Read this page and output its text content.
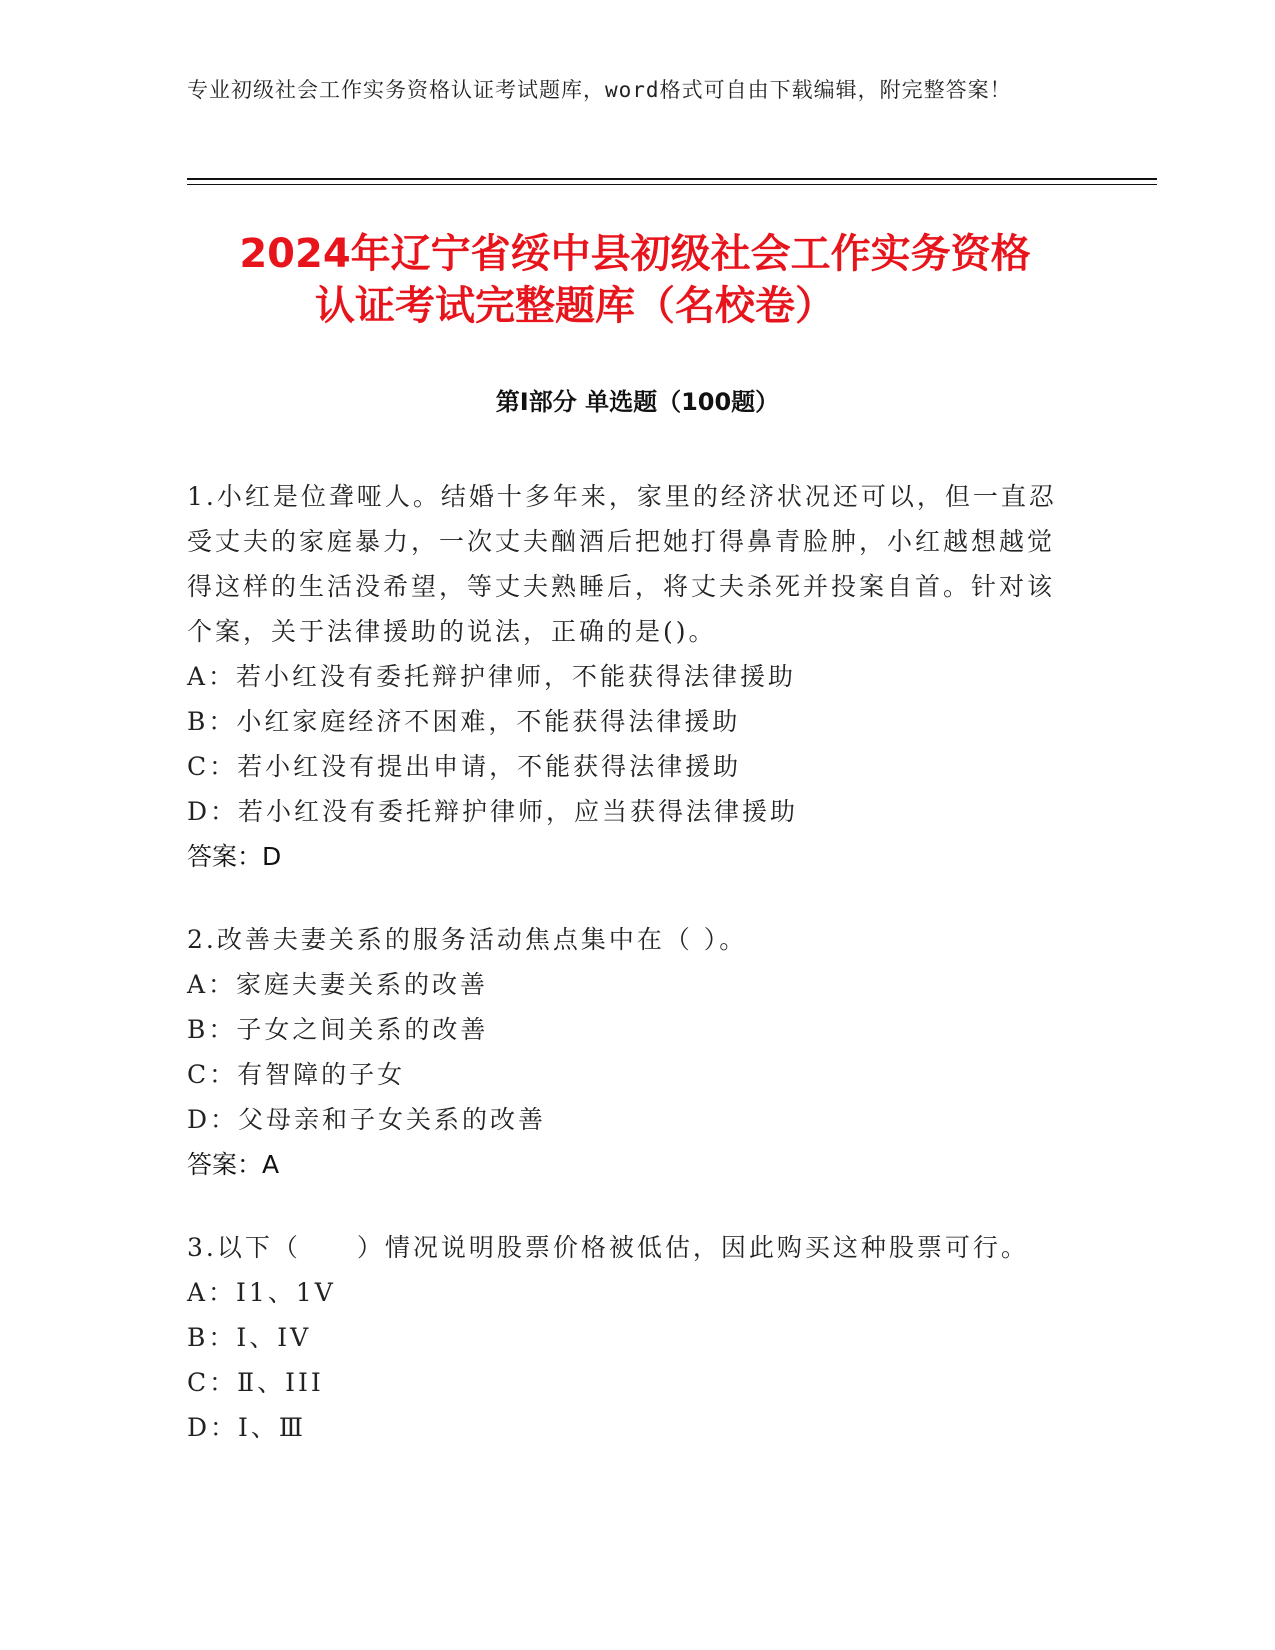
专业初级社会工作实务资格认证考试题库，word格式可自由下载编辑，附完整答案！
2024年辽宁省绥中县初级社会工作实务资格
认证考试完整题库（名校卷）
第I部分 单选题（100题）

1.小红是位聋哑人。结婚十多年来，家里的经济状况还可以，但一直忍受丈夫的家庭暴力，一次丈夫酗酒后把她打得鼻青脸肿，小红越想越觉得这样的生活没希望，等丈夫熟睡后，将丈夫杀死并投案自首。针对该个案，关于法律援助的说法，正确的是()。

A：若小红没有委托辩护律师，不能获得法律援助

B：小红家庭经济不困难，不能获得法律援助

C：若小红没有提出申请，不能获得法律援助

D：若小红没有委托辩护律师，应当获得法律援助

答案：D

2.改善夫妻关系的服务活动焦点集中在（ ）。

A：家庭夫妻关系的改善

B：子女之间关系的改善

C：有智障的子女

D：父母亲和子女关系的改善

答案：A

3.以下（　　）情况说明股票价格被低估，因此购买这种股票可行。

A：I1、1V

B：I、IV

C：Ⅱ、III

D：I、Ⅲ
